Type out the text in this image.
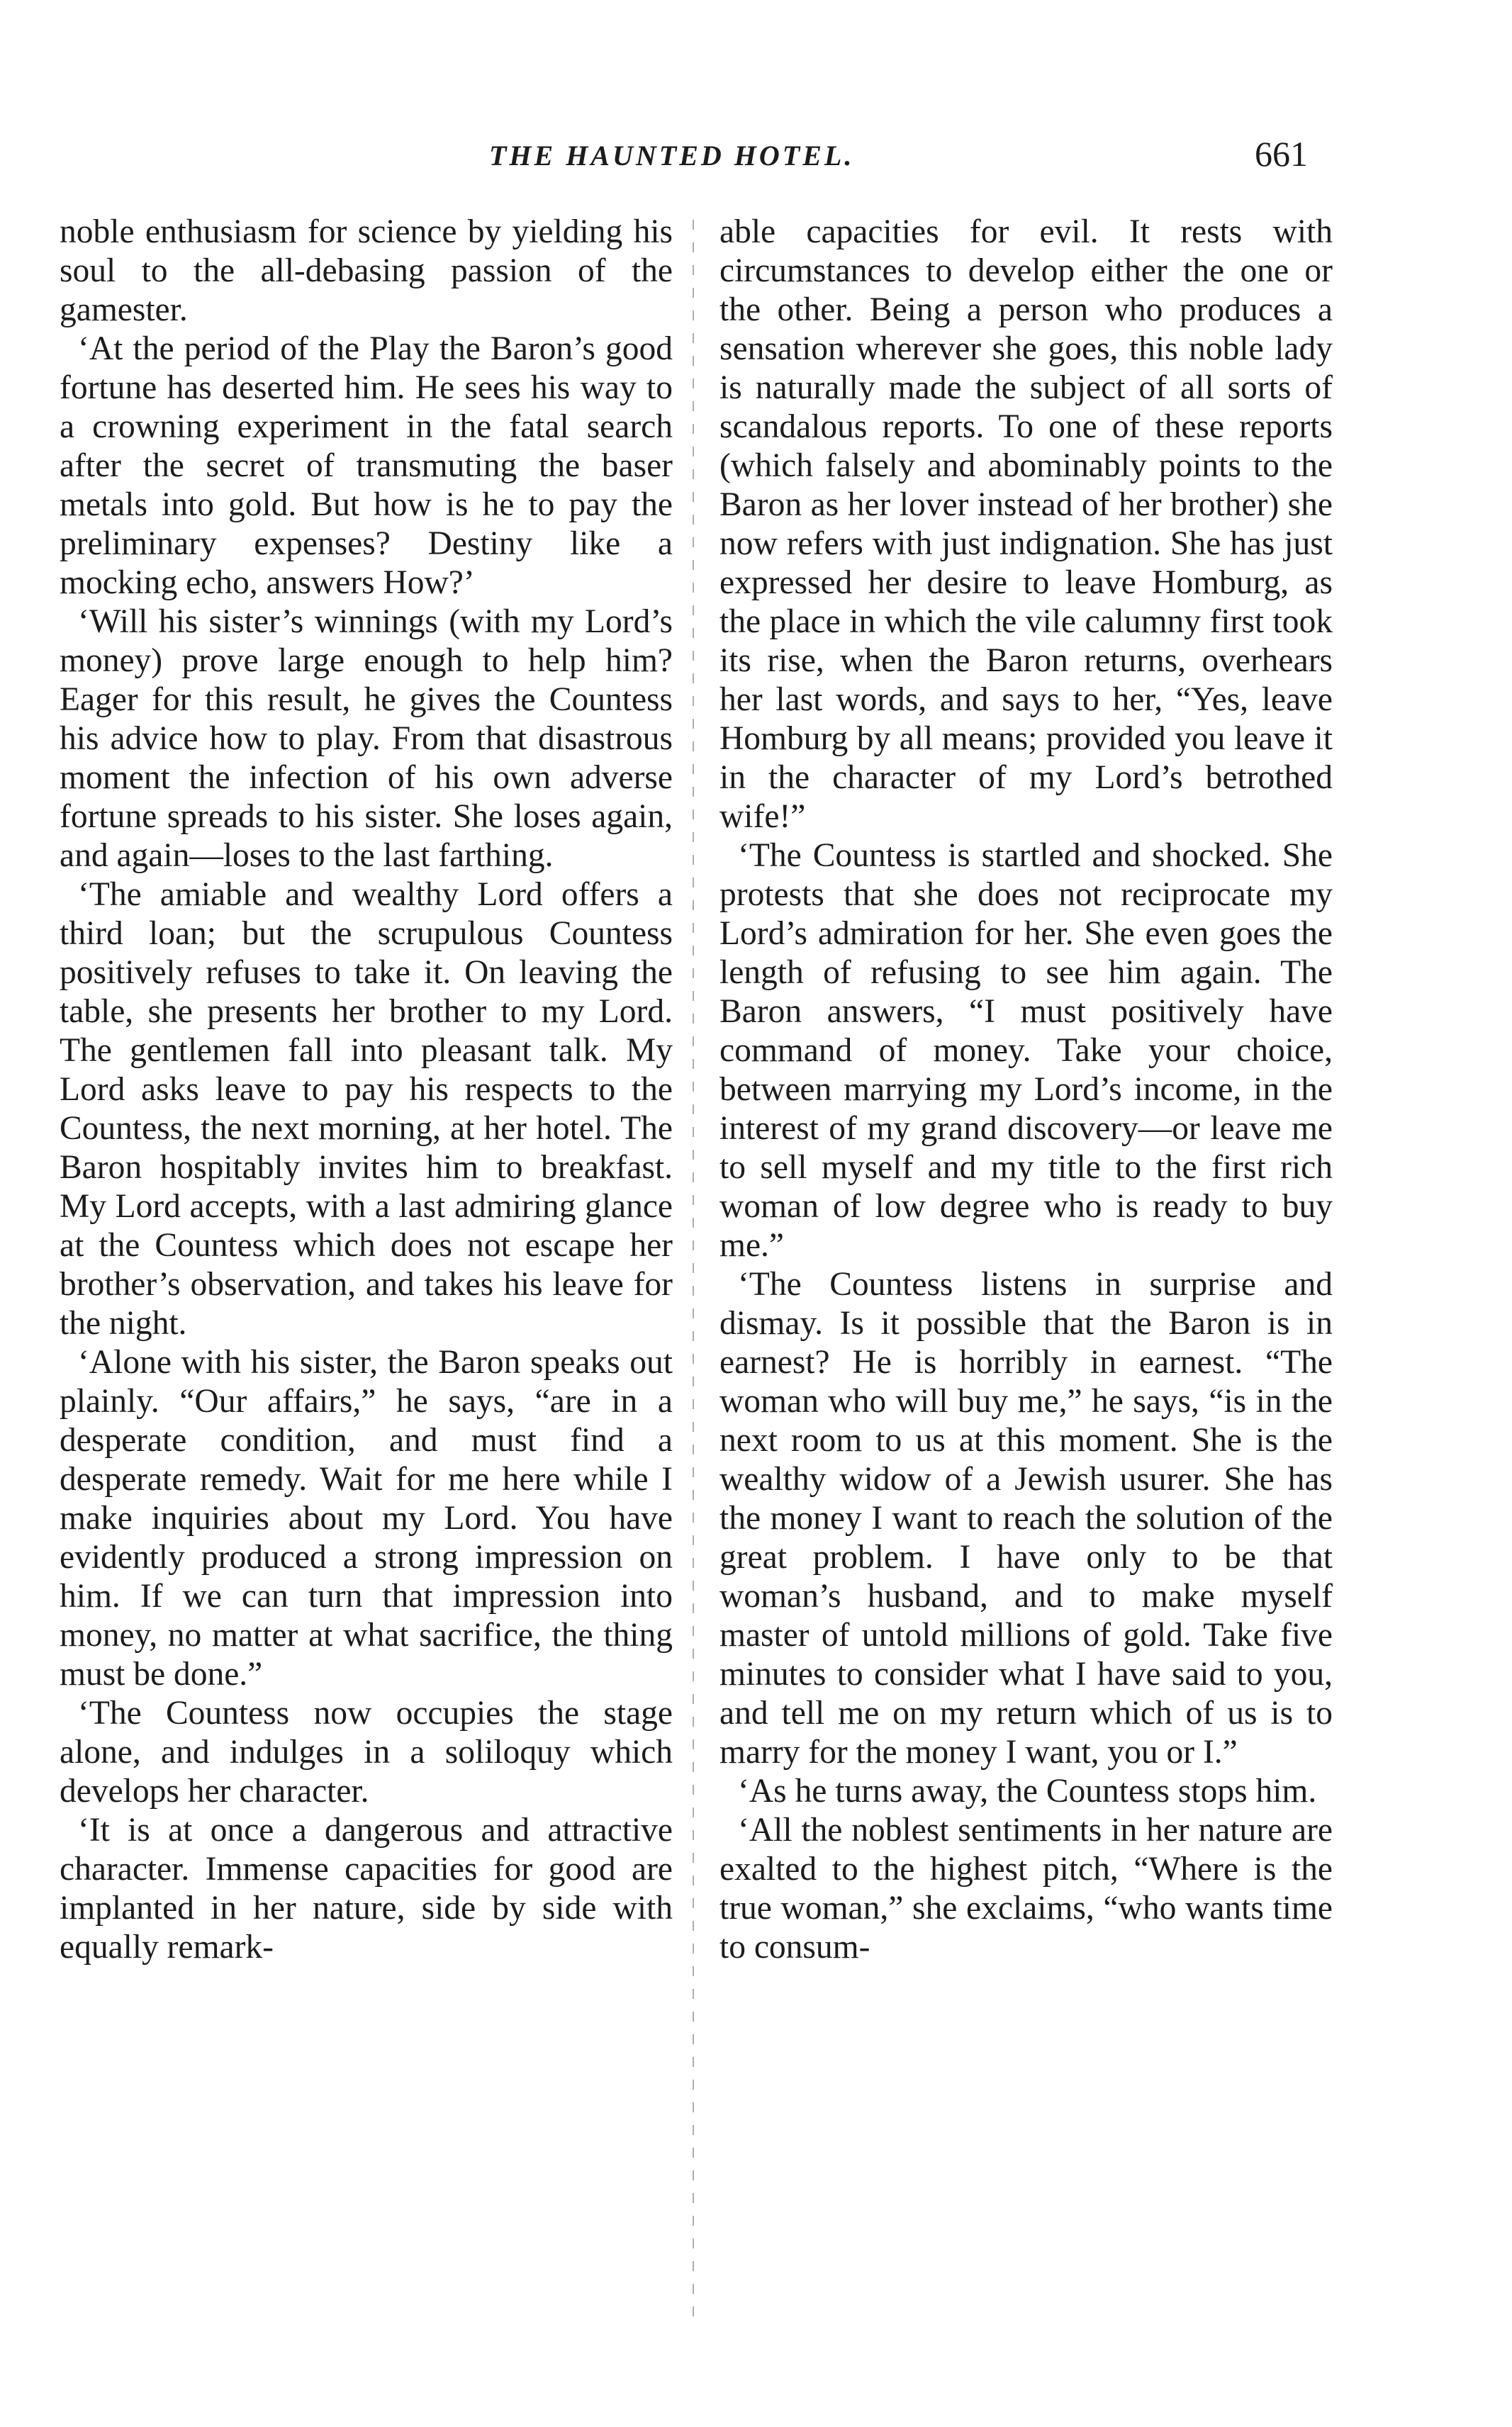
THE HAUNTED HOTEL.	661

noble enthusiasm for science by yielding his soul to the all-debasing passion of the gamester.

‘At the period of the Play the Baron’s good fortune has deserted him. He sees his way to a crowning experiment in the fatal search after the secret of transmuting the baser metals into gold. But how is he to pay the preliminary expenses? Destiny like a mocking echo, answers How?’

‘Will his sister’s winnings (with my Lord’s money) prove large enough to help him? Eager for this result, he gives the Countess his advice how to play. From that disastrous moment the infection of his own adverse fortune spreads to his sister. She loses again, and again—loses to the last farthing.

‘The amiable and wealthy Lord offers a third loan; but the scrupulous Countess positively refuses to take it. On leaving the table, she presents her brother to my Lord. The gentlemen fall into pleasant talk. My Lord asks leave to pay his respects to the Countess, the next morning, at her hotel. The Baron hospitably invites him to breakfast. My Lord accepts, with a last admiring glance at the Countess which does not escape her brother’s observation, and takes his leave for the night.

‘Alone with his sister, the Baron speaks out plainly. “Our affairs,” he says, “are in a desperate condition, and must find a desperate remedy. Wait for me here while I make inquiries about my Lord. You have evidently produced a strong impression on him. If we can turn that impression into money, no matter at what sacrifice, the thing must be done.”

‘The Countess now occupies the stage alone, and indulges in a soliloquy which develops her character.

‘It is at once a dangerous and attractive character. Immense capacities for good are implanted in her nature, side by side with equally remark-

able capacities for evil. It rests with circumstances to develop either the one or the other. Being a person who produces a sensation wherever she goes, this noble lady is naturally made the subject of all sorts of scandalous reports. To one of these reports (which falsely and abominably points to the Baron as her lover instead of her brother) she now refers with just indignation. She has just expressed her desire to leave Homburg, as the place in which the vile calumny first took its rise, when the Baron returns, overhears her last words, and says to her, “Yes, leave Homburg by all means; provided you leave it in the character of my Lord’s betrothed wife!”

‘The Countess is startled and shocked. She protests that she does not reciprocate my Lord’s admiration for her. She even goes the length of refusing to see him again. The Baron answers, “I must positively have command of money. Take your choice, between marrying my Lord’s income, in the interest of my grand discovery—or leave me to sell myself and my title to the first rich woman of low degree who is ready to buy me.”

‘The Countess listens in surprise and dismay. Is it possible that the Baron is in earnest? He is horribly in earnest. “The woman who will buy me,” he says, “is in the next room to us at this moment. She is the wealthy widow of a Jewish usurer. She has the money I want to reach the solution of the great problem. I have only to be that woman’s husband, and to make myself master of untold millions of gold. Take five minutes to consider what I have said to you, and tell me on my return which of us is to marry for the money I want, you or I.”

‘As he turns away, the Countess stops him.

‘All the noblest sentiments in her nature are exalted to the highest pitch, “Where is the true woman,” she exclaims, “who wants time to consum-
